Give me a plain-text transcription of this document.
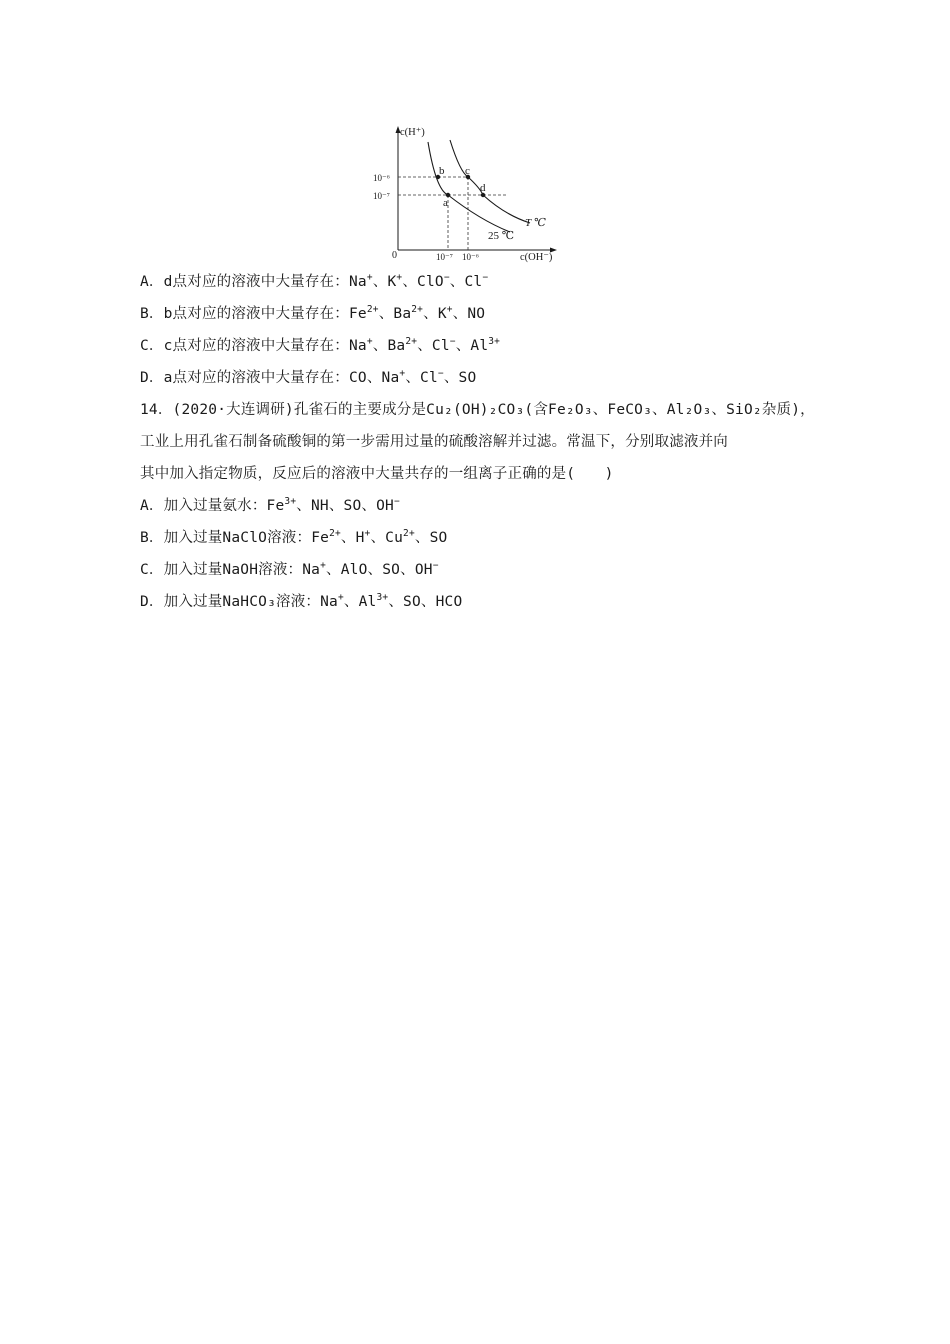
a
b c
d
c(H⁺)
c(OH⁻)
0
10⁻⁶
10⁻⁷
10⁻⁷ 10⁻⁶
T ℃
25 ℃
A．d点对应的溶液中大量存在：Na+、K+、ClO−、Cl−
B．b点对应的溶液中大量存在：$Fe^{2+}$、$Ba^{2+}$、K+、NO
C．c点对应的溶液中大量存在：Na+、$Ba^{2+}$、Cl−、$Al^{3+}$
D．a点对应的溶液中大量存在：CO、Na+、Cl−、SO
14．(2020·大连调研)孔雀石的主要成分是Cu₂(OH)₂CO₃(含Fe₂O₃、FeCO₃、Al₂O₃、SiO₂杂质)，
工业上用孔雀石制备硫酸铜的第一步需用过量的硫酸溶解并过滤。常温下，分别取滤液并向
其中加入指定物质，反应后的溶液中大量共存的一组离子正确的是(　　)
A．加入过量氨水：$Fe^{3+}$、NH、SO、OH−
B．加入过量NaClO溶液：$Fe^{2+}$、H+、$Cu^{2+}$、SO
C．加入过量NaOH溶液：Na+、AlO、SO、OH−
D．加入过量NaHCO₃溶液：Na+、$Al^{3+}$、SO、HCO
